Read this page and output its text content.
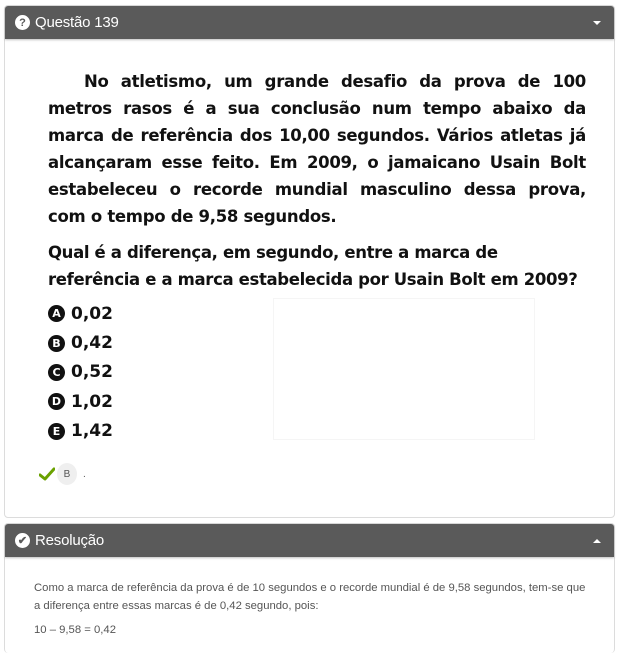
? Questão 139
No atletismo, um grande desafio da prova de 100 metros rasos é a sua conclusão num tempo abaixo da marca de referência dos 10,00 segundos. Vários atletas já alcançaram esse feito. Em 2009, o jamaicano Usain Bolt estabeleceu o recorde mundial masculino dessa prova, com o tempo de 9,58 segundos.
Qual é a diferença, em segundo, entre a marca de referência e a marca estabelecida por Usain Bolt em 2009?
A 0,02
B 0,42
C 0,52
D 1,02
E 1,42
B	.
✔ Resolução

Como a marca de referência da prova é de 10 segundos e o recorde mundial é de 9,58 segundos, tem-se que a diferença entre essas marcas é de 0,42 segundo, pois:

10 – 9,58 = 0,42
